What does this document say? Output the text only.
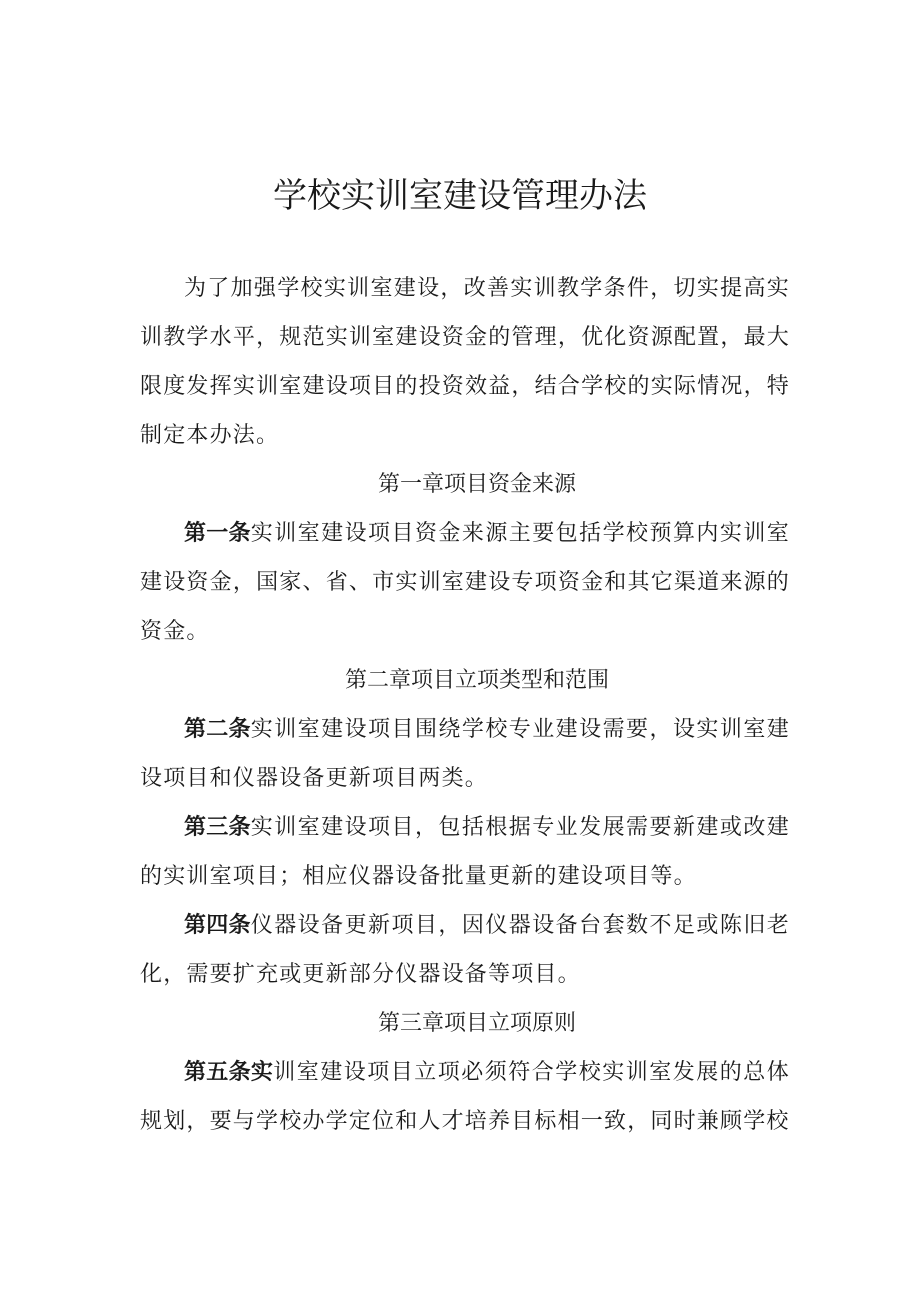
学校实训室建设管理办法

为了加强学校实训室建设，改善实训教学条件，切实提高实训教学水平，规范实训室建设资金的管理，优化资源配置，最大限度发挥实训室建设项目的投资效益，结合学校的实际情况，特制定本办法。

第一章项目资金来源

第一条实训室建设项目资金来源主要包括学校预算内实训室建设资金，国家、省、市实训室建设专项资金和其它渠道来源的资金。

第二章项目立项类型和范围

第二条实训室建设项目围绕学校专业建设需要，设实训室建设项目和仪器设备更新项目两类。

第三条实训室建设项目，包括根据专业发展需要新建或改建的实训室项目；相应仪器设备批量更新的建设项目等。

第四条仪器设备更新项目，因仪器设备台套数不足或陈旧老化，需要扩充或更新部分仪器设备等项目。

第三章项目立项原则

第五条实训室建设项目立项必须符合学校实训室发展的总体规划，要与学校办学定位和人才培养目标相一致，同时兼顾学校
